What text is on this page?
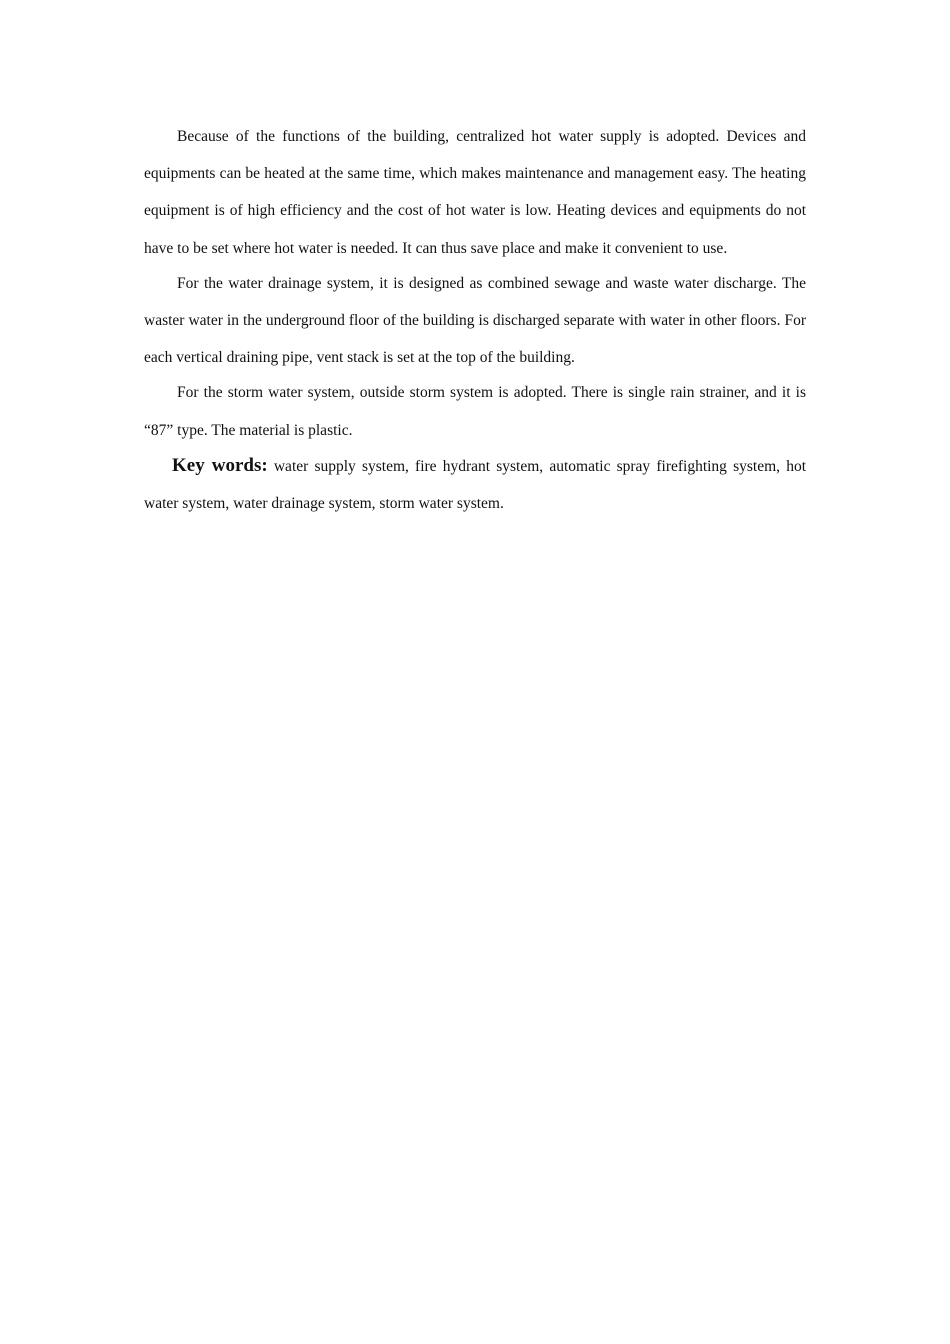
Because of the functions of the building, centralized hot water supply is adopted. Devices and equipments can be heated at the same time, which makes maintenance and management easy. The heating equipment is of high efficiency and the cost of hot water is low. Heating devices and equipments do not have to be set where hot water is needed. It can thus save place and make it convenient to use.

For the water drainage system, it is designed as combined sewage and waste water discharge. The waster water in the underground floor of the building is discharged separate with water in other floors. For each vertical draining pipe, vent stack is set at the top of the building.

For the storm water system, outside storm system is adopted. There is single rain strainer, and it is “87” type. The material is plastic.

Key words: water supply system, fire hydrant system, automatic spray firefighting system, hot water system, water drainage system, storm water system.
